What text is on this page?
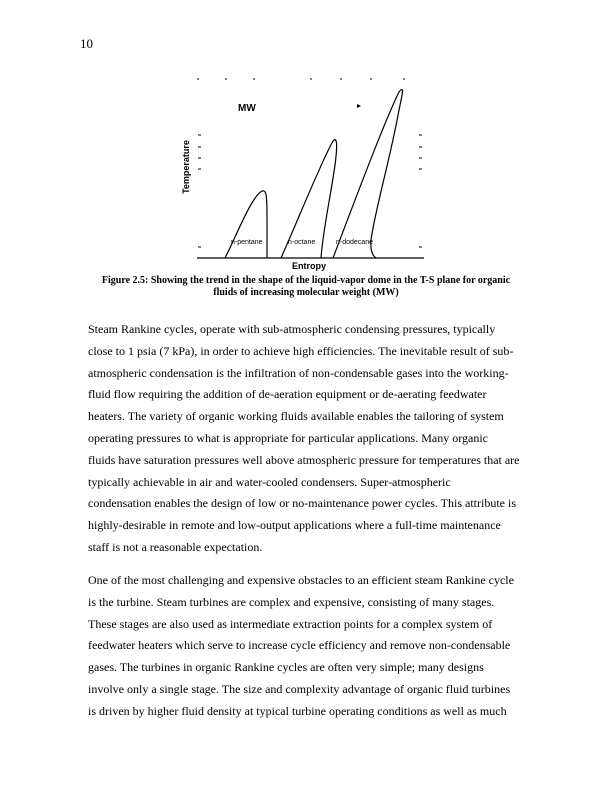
10
MW
Temperature
Entropy
n-pentane	n-octane	n-dodecane
Figure 2.5: Showing the trend in the shape of the liquid-vapor dome in the T-S plane for organic
fluids of increasing molecular weight (MW)
Steam Rankine cycles, operate with sub-atmospheric condensing pressures, typically
close to 1 psia (7 kPa), in order to achieve high efficiencies. The inevitable result of sub-
atmospheric condensation is the infiltration of non-condensable gases into the working-
fluid flow requiring the addition of de-aeration equipment or de-aerating feedwater
heaters. The variety of organic working fluids available enables the tailoring of system
operating pressures to what is appropriate for particular applications. Many organic
fluids have saturation pressures well above atmospheric pressure for temperatures that are
typically achievable in air and water-cooled condensers. Super-atmospheric
condensation enables the design of low or no-maintenance power cycles. This attribute is
highly-desirable in remote and low-output applications where a full-time maintenance
staff is not a reasonable expectation.
One of the most challenging and expensive obstacles to an efficient steam Rankine cycle
is the turbine. Steam turbines are complex and expensive, consisting of many stages.
These stages are also used as intermediate extraction points for a complex system of
feedwater heaters which serve to increase cycle efficiency and remove non-condensable
gases. The turbines in organic Rankine cycles are often very simple; many designs
involve only a single stage. The size and complexity advantage of organic fluid turbines
is driven by higher fluid density at typical turbine operating conditions as well as much
